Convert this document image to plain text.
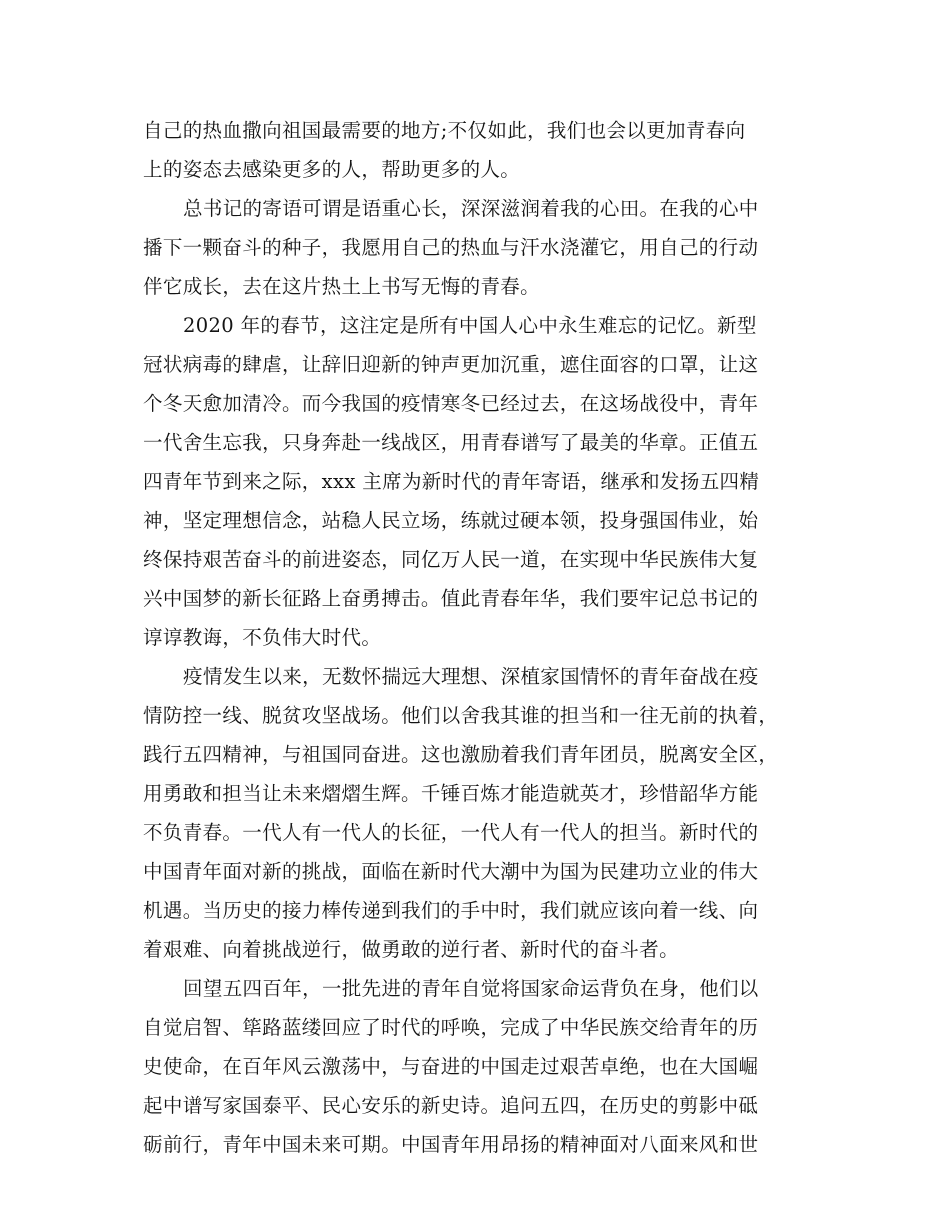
自己的热血撒向祖国最需要的地方;不仅如此，我们也会以更加青春向
上的姿态去感染更多的人，帮助更多的人。
总书记的寄语可谓是语重心长，深深滋润着我的心田。在我的心中
播下一颗奋斗的种子，我愿用自己的热血与汗水浇灌它，用自己的行动
伴它成长，去在这片热土上书写无悔的青春。
2020 年的春节，这注定是所有中国人心中永生难忘的记忆。新型
冠状病毒的肆虐，让辞旧迎新的钟声更加沉重，遮住面容的口罩，让这
个冬天愈加清冷。而今我国的疫情寒冬已经过去，在这场战役中，青年
一代舍生忘我，只身奔赴一线战区，用青春谱写了最美的华章。正值五
四青年节到来之际，xxx 主席为新时代的青年寄语，继承和发扬五四精
神，坚定理想信念，站稳人民立场，练就过硬本领，投身强国伟业，始
终保持艰苦奋斗的前进姿态，同亿万人民一道，在实现中华民族伟大复
兴中国梦的新长征路上奋勇搏击。值此青春年华，我们要牢记总书记的
谆谆教诲，不负伟大时代。
疫情发生以来，无数怀揣远大理想、深植家国情怀的青年奋战在疫
情防控一线、脱贫攻坚战场。他们以舍我其谁的担当和一往无前的执着，
践行五四精神，与祖国同奋进。这也激励着我们青年团员，脱离安全区，
用勇敢和担当让未来熠熠生辉。千锤百炼才能造就英才，珍惜韶华方能
不负青春。一代人有一代人的长征，一代人有一代人的担当。新时代的
中国青年面对新的挑战，面临在新时代大潮中为国为民建功立业的伟大
机遇。当历史的接力棒传递到我们的手中时，我们就应该向着一线、向
着艰难、向着挑战逆行，做勇敢的逆行者、新时代的奋斗者。
回望五四百年，一批先进的青年自觉将国家命运背负在身，他们以
自觉启智、筚路蓝缕回应了时代的呼唤，完成了中华民族交给青年的历
史使命，在百年风云激荡中，与奋进的中国走过艰苦卓绝，也在大国崛
起中谱写家国泰平、民心安乐的新史诗。追问五四，在历史的剪影中砥
砺前行，青年中国未来可期。中国青年用昂扬的精神面对八面来风和世
